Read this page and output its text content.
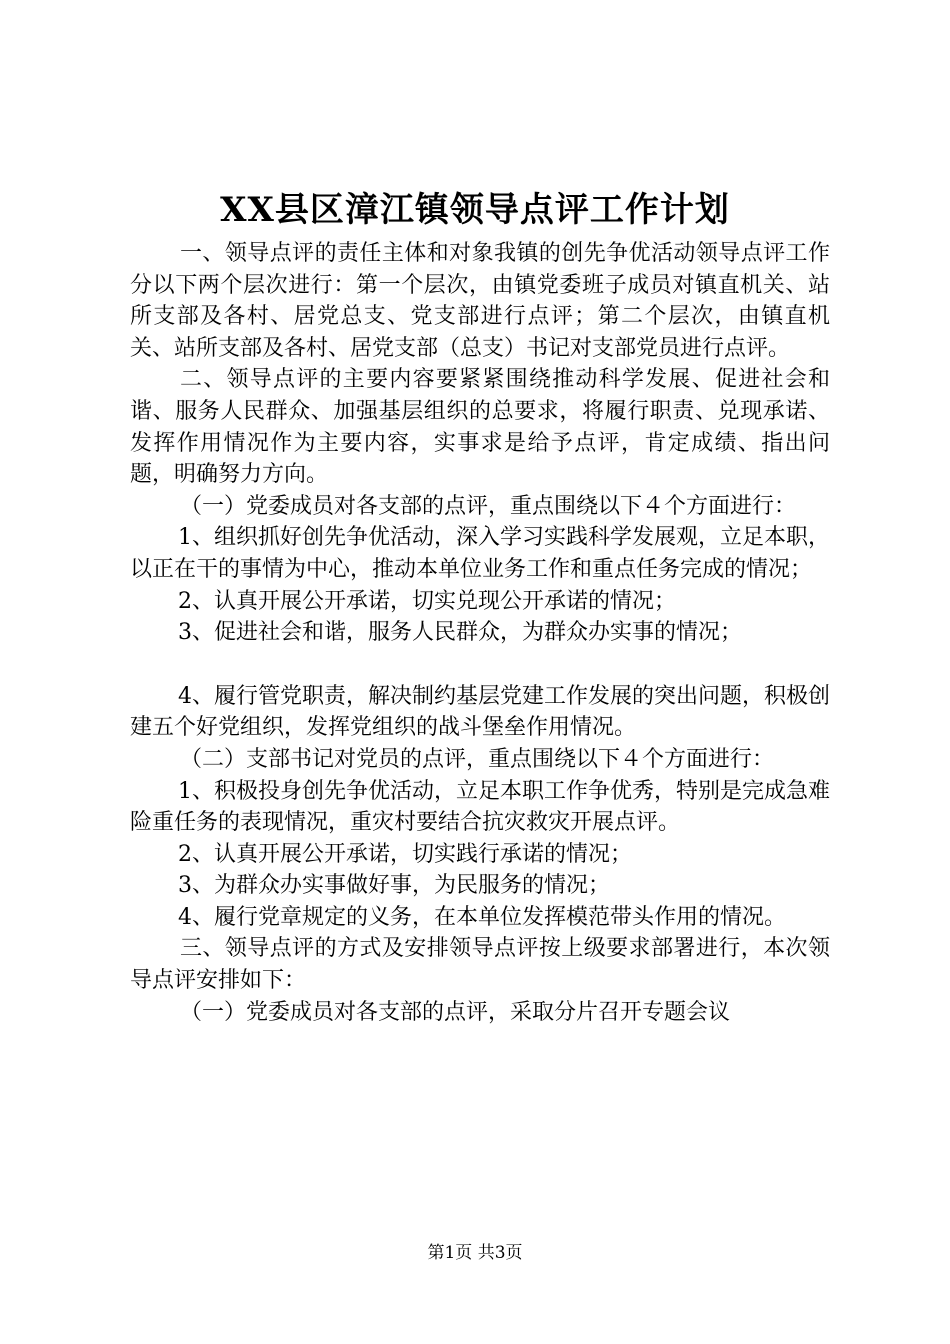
XX县区漳江镇领导点评工作计划

一、领导点评的责任主体和对象我镇的创先争优活动领导点评工作分以下两个层次进行：第一个层次，由镇党委班子成员对镇直机关、站所支部及各村、居党总支、党支部进行点评；第二个层次，由镇直机关、站所支部及各村、居党支部（总支）书记对支部党员进行点评。

二、领导点评的主要内容要紧紧围绕推动科学发展、促进社会和谐、服务人民群众、加强基层组织的总要求，将履行职责、兑现承诺、发挥作用情况作为主要内容，实事求是给予点评，肯定成绩、指出问题，明确努力方向。

（一）党委成员对各支部的点评，重点围绕以下４个方面进行：

1、组织抓好创先争优活动，深入学习实践科学发展观，立足本职，以正在干的事情为中心，推动本单位业务工作和重点任务完成的情况；

2、认真开展公开承诺，切实兑现公开承诺的情况；

3、促进社会和谐，服务人民群众，为群众办实事的情况；

4、履行管党职责，解决制约基层党建工作发展的突出问题，积极创建五个好党组织，发挥党组织的战斗堡垒作用情况。

（二）支部书记对党员的点评，重点围绕以下４个方面进行：

1、积极投身创先争优活动，立足本职工作争优秀，特别是完成急难险重任务的表现情况，重灾村要结合抗灾救灾开展点评。

2、认真开展公开承诺，切实践行承诺的情况；

3、为群众办实事做好事，为民服务的情况；

4、履行党章规定的义务，在本单位发挥模范带头作用的情况。

三、领导点评的方式及安排领导点评按上级要求部署进行，本次领导点评安排如下：

（一）党委成员对各支部的点评，采取分片召开专题会议

第1页 共3页
